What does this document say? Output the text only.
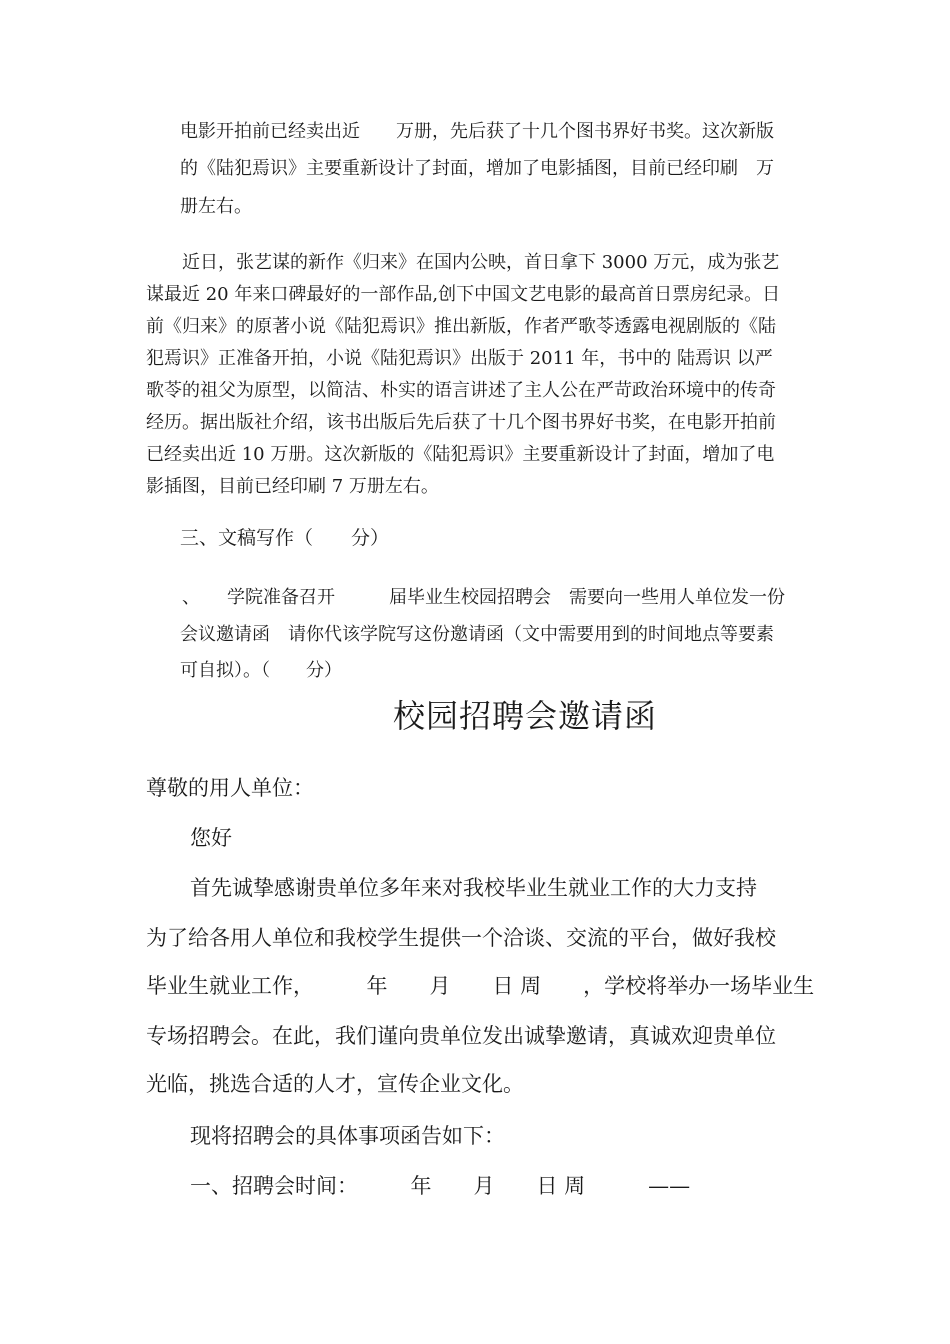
电影开拍前已经卖出近　　万册，先后获了十几个图书界好书奖。这次新版
的《陆犯焉识》主要重新设计了封面，增加了电影插图，目前已经印刷　万
册左右。
近日，张艺谋的新作《归来》在国内公映，首日拿下 3000 万元，成为张艺
谋最近 20 年来口碑最好的一部作品,创下中国文艺电影的最高首日票房纪录。日
前《归来》的原著小说《陆犯焉识》推出新版，作者严歌苓透露电视剧版的《陆
犯焉识》正准备开拍，小说《陆犯焉识》出版于 2011 年，书中的 陆焉识 以严
歌苓的祖父为原型，以简洁、朴实的语言讲述了主人公在严苛政治环境中的传奇
经历。据出版社介绍，该书出版后先后获了十几个图书界好书奖，在电影开拍前
已经卖出近 10 万册。这次新版的《陆犯焉识》主要重新设计了封面，增加了电
影插图，目前已经印刷 7 万册左右。
三、文稿写作（　　分）
、　　学院准备召开　　　届毕业生校园招聘会　需要向一些用人单位发一份
会议邀请函　请你代该学院写这份邀请函（文中需要用到的时间地点等要素
可自拟）。（　　分）
校园招聘会邀请函
尊敬的用人单位：
您好
首先诚挚感谢贵单位多年来对我校毕业生就业工作的大力支持
为了给各用人单位和我校学生提供一个洽谈、交流的平台，做好我校
毕业生就业工作，　　　年　　月　　日 周　　，学校将举办一场毕业生
专场招聘会。在此，我们谨向贵单位发出诚挚邀请，真诚欢迎贵单位
光临，挑选合适的人才，宣传企业文化。
现将招聘会的具体事项函告如下：
一、招聘会时间：　　　年　　月　　日 周　　　——
